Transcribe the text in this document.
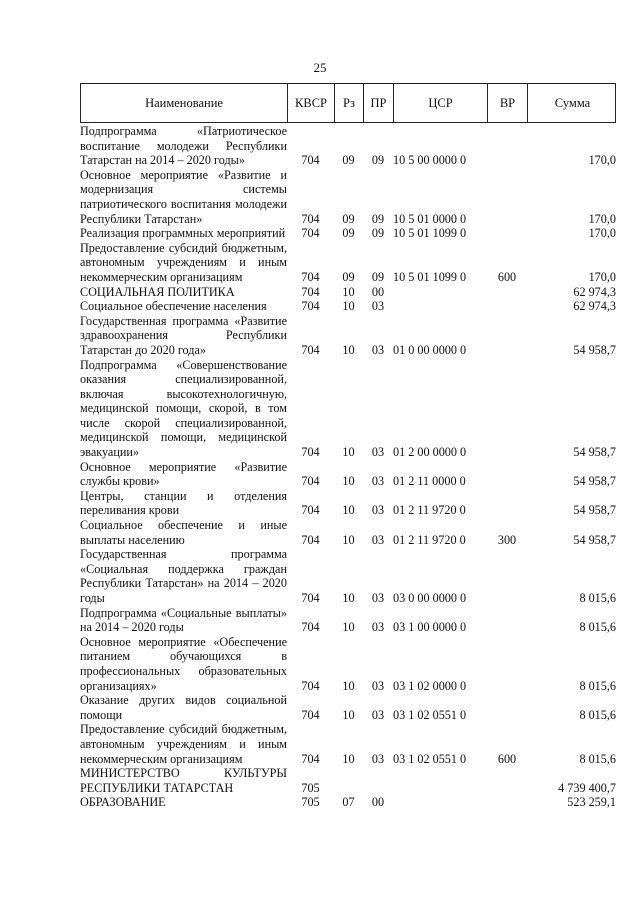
25
Наименование	КВСР	Рз	ПР	ЦСР	ВР	Сумма
Подпрограмма «Патриотическое воспитание молодежи Республики Татарстан на 2014 – 2020 годы»	704	09	09	10 5 00 0000 0		170,0
Основное мероприятие «Развитие и модернизация системы патриотического воспитания молодежи Республики Татарстан»	704	09	09	10 5 01 0000 0		170,0
Реализация программных мероприятий	704	09	09	10 5 01 1099 0		170,0
Предоставление субсидий бюджетным, автономным учреждениям и иным некоммерческим организациям	704	09	09	10 5 01 1099 0	600	170,0
СОЦИАЛЬНАЯ ПОЛИТИКА	704	10	00			62 974,3
Социальное обеспечение населения	704	10	03			62 974,3
Государственная программа «Развитие здравоохранения Республики Татарстан до 2020 года»	704	10	03	01 0 00 0000 0		54 958,7
Подпрограмма «Совершенствование оказания специализированной, включая высокотехнологичную, медицинской помощи, скорой, в том числе скорой специализированной, медицинской помощи, медицинской эвакуации»	704	10	03	01 2 00 0000 0		54 958,7
Основное мероприятие «Развитие службы крови»	704	10	03	01 2 11 0000 0		54 958,7
Центры, станции и отделения переливания крови	704	10	03	01 2 11 9720 0		54 958,7
Социальное обеспечение и иные выплаты населению	704	10	03	01 2 11 9720 0	300	54 958,7
Государственная программа «Социальная поддержка граждан Республики Татарстан» на 2014 – 2020 годы	704	10	03	03 0 00 0000 0		8 015,6
Подпрограмма «Социальные выплаты» на 2014 – 2020 годы	704	10	03	03 1 00 0000 0		8 015,6
Основное мероприятие «Обеспечение питанием обучающихся в профессиональных образовательных организациях»	704	10	03	03 1 02 0000 0		8 015,6
Оказание других видов социальной помощи	704	10	03	03 1 02 0551 0		8 015,6
Предоставление субсидий бюджетным, автономным учреждениям и иным некоммерческим организациям	704	10	03	03 1 02 0551 0	600	8 015,6
МИНИСТЕРСТВО КУЛЬТУРЫ РЕСПУБЛИКИ ТАТАРСТАН	705					4 739 400,7
ОБРАЗОВАНИЕ	705	07	00			523 259,1
